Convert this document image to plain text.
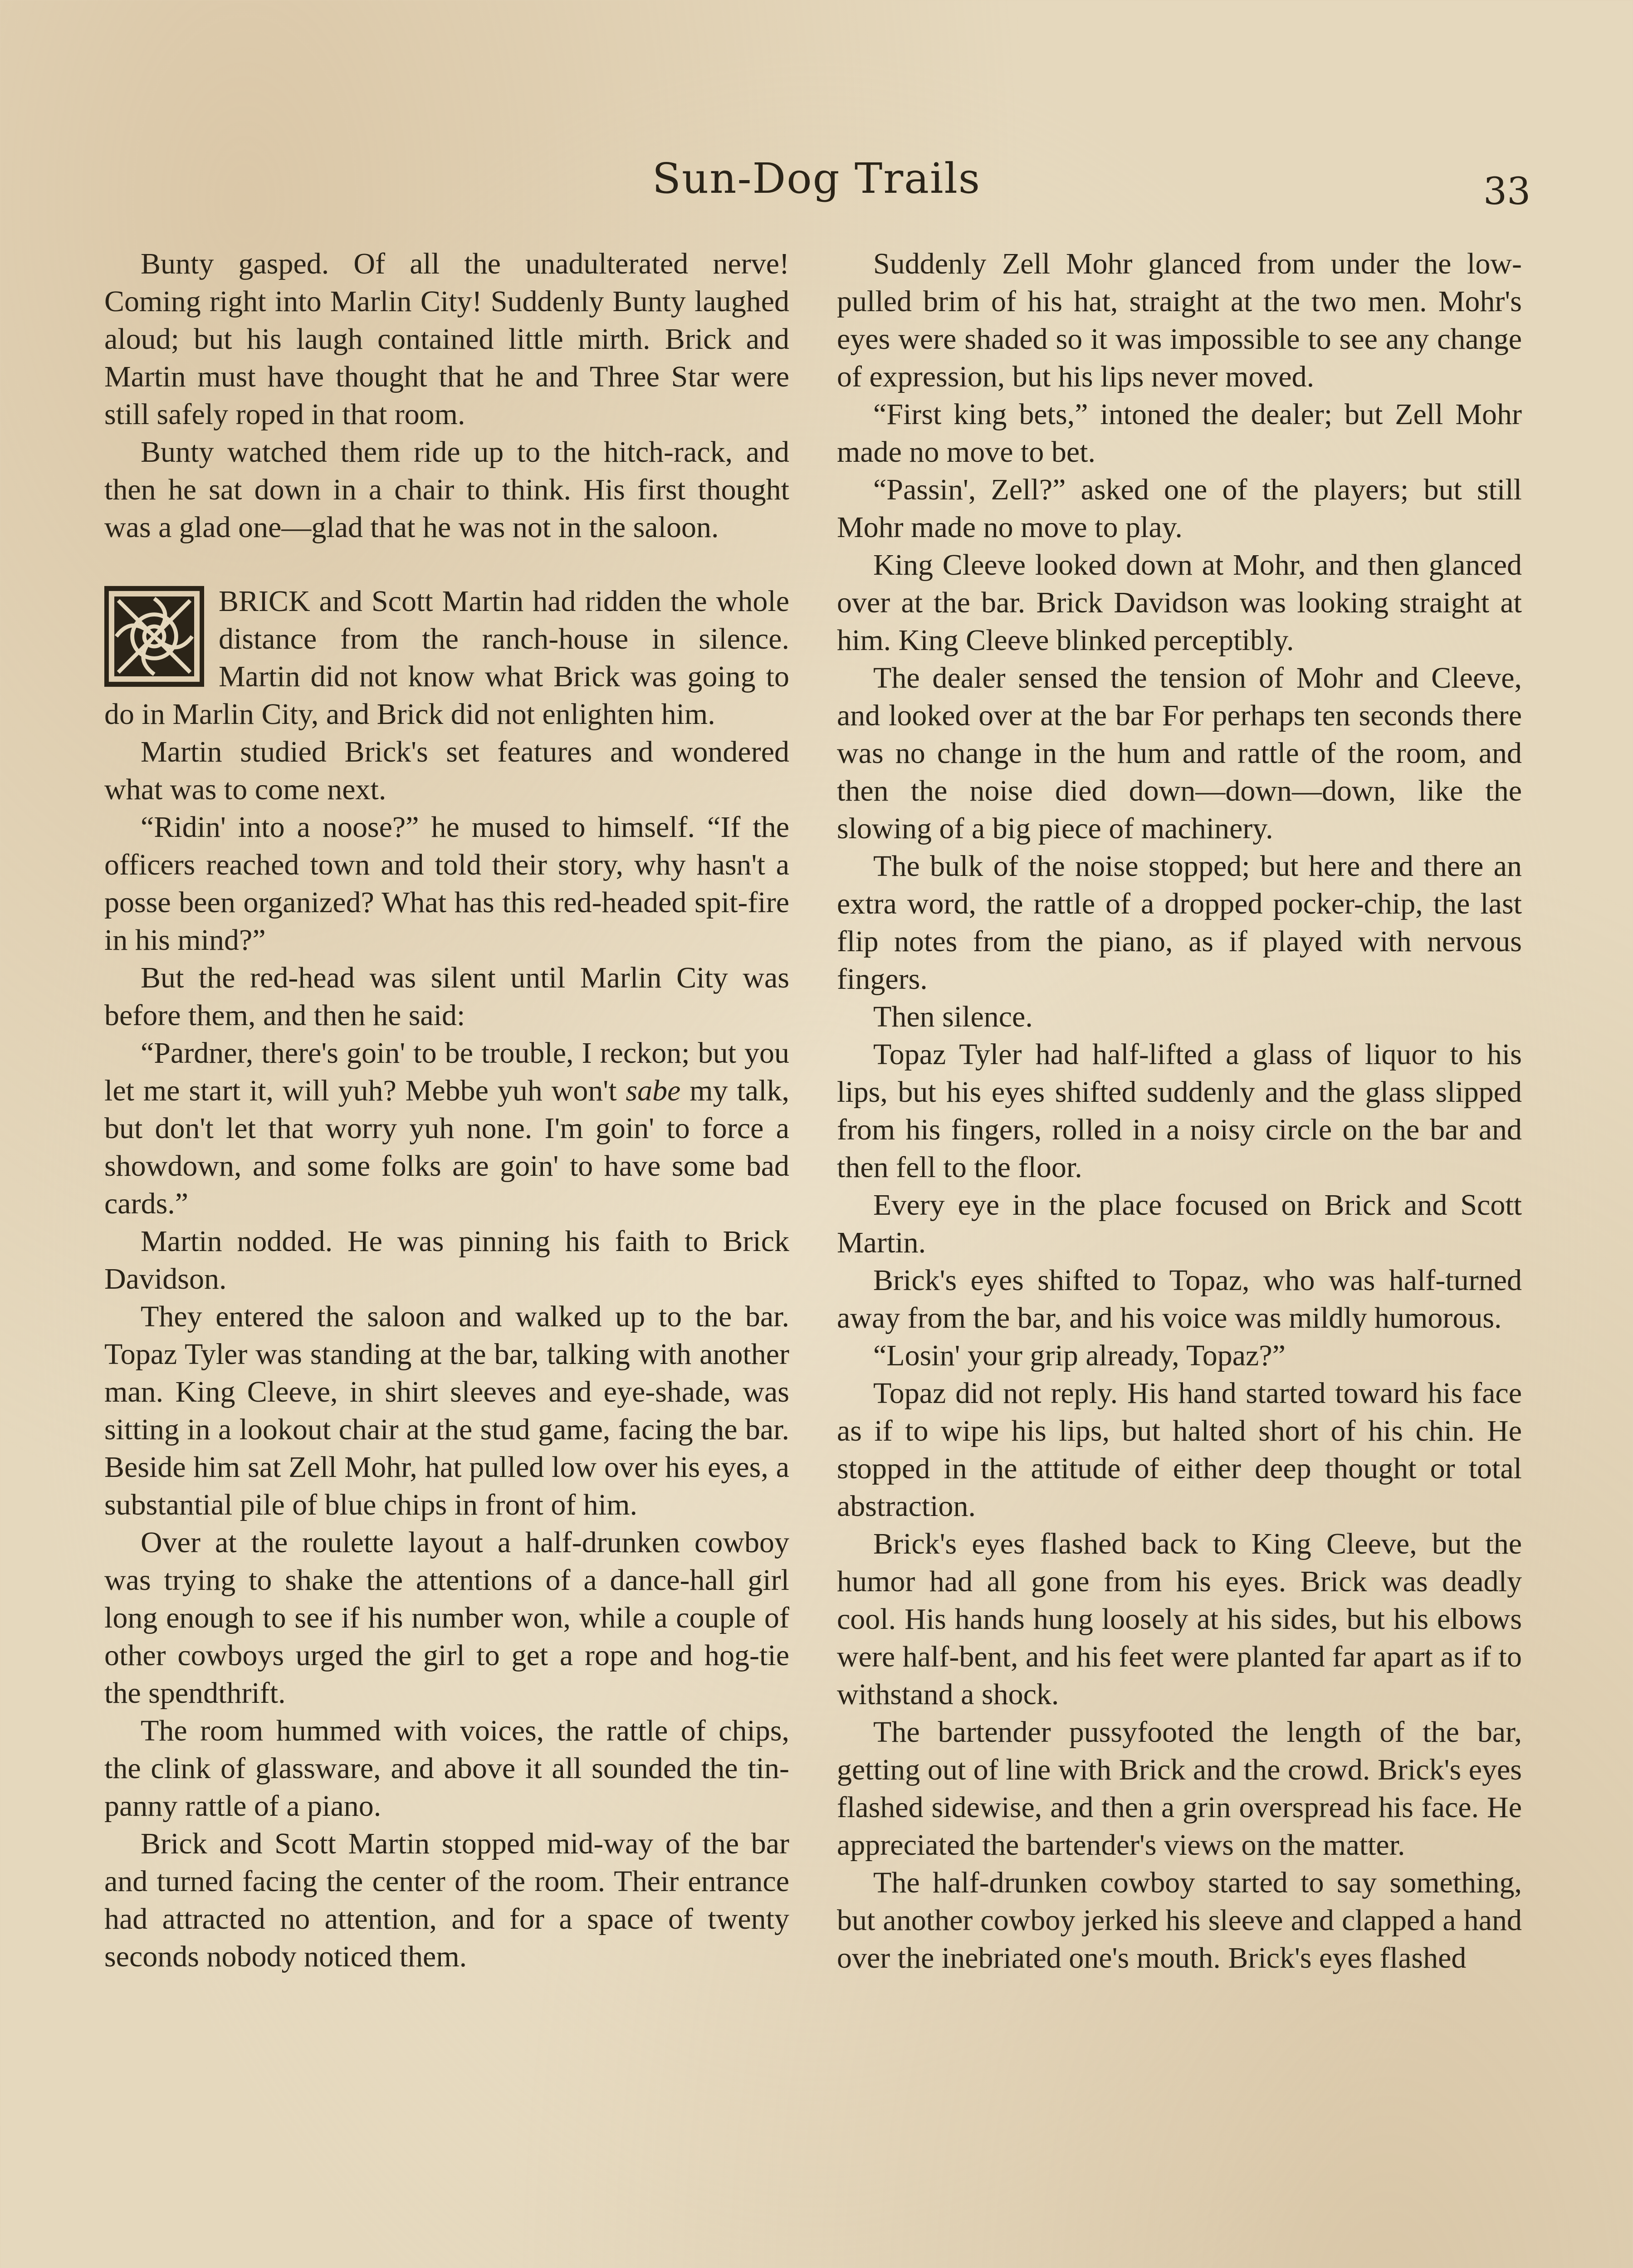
Sun-Dog Trails	33

Bunty gasped. Of all the unadulterated nerve! Coming right into Marlin City! Suddenly Bunty laughed aloud; but his laugh contained little mirth. Brick and Martin must have thought that he and Three Star were still safely roped in that room.

Bunty watched them ride up to the hitch-rack, and then he sat down in a chair to think. His first thought was a glad one—glad that he was not in the saloon.

BRICK and Scott Martin had ridden the whole distance from the ranch-house in silence. Martin did not know what Brick was going to do in Marlin City, and Brick did not enlighten him.

Martin studied Brick's set features and wondered what was to come next.

“Ridin' into a noose?” he mused to himself. “If the officers reached town and told their story, why hasn't a posse been organized? What has this red-headed spit-fire in his mind?”

But the red-head was silent until Marlin City was before them, and then he said:

“Pardner, there's goin' to be trouble, I reckon; but you let me start it, will yuh? Mebbe yuh won't sabe my talk, but don't let that worry yuh none. I'm goin' to force a showdown, and some folks are goin' to have some bad cards.”

Martin nodded. He was pinning his faith to Brick Davidson.

They entered the saloon and walked up to the bar. Topaz Tyler was standing at the bar, talking with another man. King Cleeve, in shirt sleeves and eye-shade, was sitting in a lookout chair at the stud game, facing the bar. Beside him sat Zell Mohr, hat pulled low over his eyes, a substantial pile of blue chips in front of him.

Over at the roulette layout a half-drunken cowboy was trying to shake the attentions of a dance-hall girl long enough to see if his number won, while a couple of other cowboys urged the girl to get a rope and hog-tie the spendthrift.

The room hummed with voices, the rattle of chips, the clink of glassware, and above it all sounded the tin-panny rattle of a piano.

Brick and Scott Martin stopped mid-way of the bar and turned facing the center of the room. Their entrance had attracted no attention, and for a space of twenty seconds nobody noticed them.

Suddenly Zell Mohr glanced from under the low-pulled brim of his hat, straight at the two men. Mohr's eyes were shaded so it was impossible to see any change of expression, but his lips never moved.

“First king bets,” intoned the dealer; but Zell Mohr made no move to bet.

“Passin', Zell?” asked one of the players; but still Mohr made no move to play.

King Cleeve looked down at Mohr, and then glanced over at the bar. Brick Davidson was looking straight at him. King Cleeve blinked perceptibly.

The dealer sensed the tension of Mohr and Cleeve, and looked over at the bar For perhaps ten seconds there was no change in the hum and rattle of the room, and then the noise died down—down—down, like the slowing of a big piece of machinery.

The bulk of the noise stopped; but here and there an extra word, the rattle of a dropped pocker-chip, the last flip notes from the piano, as if played with nervous fingers.

Then silence.

Topaz Tyler had half-lifted a glass of liquor to his lips, but his eyes shifted suddenly and the glass slipped from his fingers, rolled in a noisy circle on the bar and then fell to the floor.

Every eye in the place focused on Brick and Scott Martin.

Brick's eyes shifted to Topaz, who was half-turned away from the bar, and his voice was mildly humorous.

“Losin' your grip already, Topaz?”

Topaz did not reply. His hand started toward his face as if to wipe his lips, but halted short of his chin. He stopped in the attitude of either deep thought or total abstraction.

Brick's eyes flashed back to King Cleeve, but the humor had all gone from his eyes. Brick was deadly cool. His hands hung loosely at his sides, but his elbows were half-bent, and his feet were planted far apart as if to withstand a shock.

The bartender pussyfooted the length of the bar, getting out of line with Brick and the crowd. Brick's eyes flashed sidewise, and then a grin overspread his face. He appreciated the bartender's views on the matter.

The half-drunken cowboy started to say something, but another cowboy jerked his sleeve and clapped a hand over the inebriated one's mouth. Brick's eyes flashed
